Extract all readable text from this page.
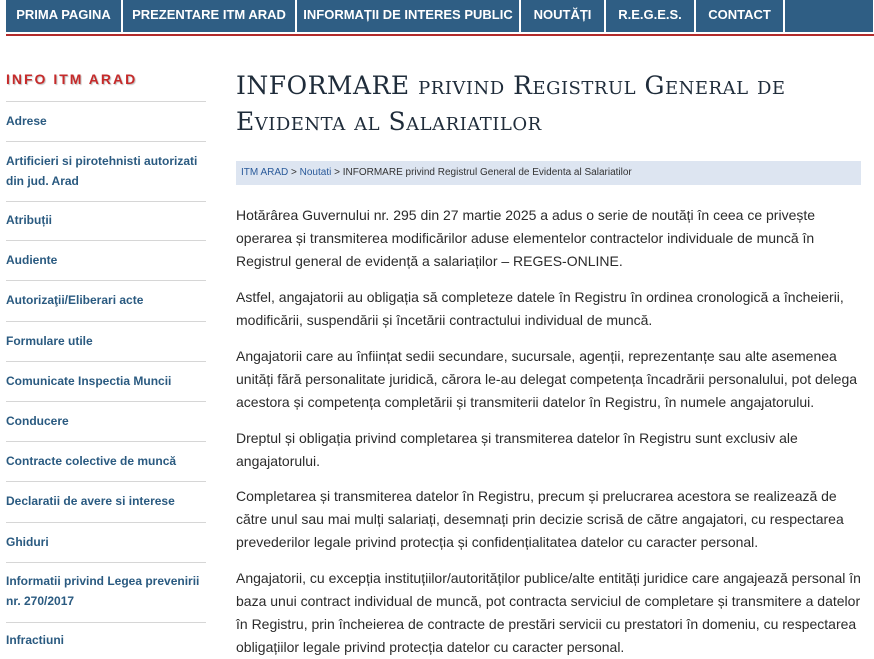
PRIMA PAGINA	PREZENTARE ITM ARAD	INFORMAȚII DE INTERES PUBLIC	NOUTĂȚI	R.E.G.E.S.	CONTACT
INFO ITM ARAD
Adrese
Artificieri si pirotehnisti autorizati din jud. Arad
Atribuții
Audiente
Autorizaţii/Eliberari acte
Formulare utile
Comunicate Inspectia Muncii
Conducere
Contracte colective de muncă
Declaratii de avere si interese
Ghiduri
Informatii privind Legea prevenirii nr. 270/2017
Infractiuni
INFORMARE privind Registrul General de Evidenta al Salariatilor
ITM ARAD > Noutati > INFORMARE privind Registrul General de Evidenta al Salariatilor
Hotărârea Guvernului nr. 295 din 27 martie 2025 a adus o serie de noutăți în ceea ce privește operarea și transmiterea modificărilor aduse elementelor contractelor individuale de muncă în Registrul general de evidență a salariaților – REGES-ONLINE.
Astfel, angajatorii au obligația să completeze datele în Registru în ordinea cronologică a încheierii, modificării, suspendării și încetării contractului individual de muncă.
Angajatorii care au înființat sedii secundare, sucursale, agenții, reprezentanțe sau alte asemenea unități fără personalitate juridică, cărora le-au delegat competența încadrării personalului, pot delega acestora și competența completării și transmiterii datelor în Registru, în numele angajatorului.
Dreptul și obligația privind completarea și transmiterea datelor în Registru sunt exclusiv ale angajatorului.
Completarea și transmiterea datelor în Registru, precum și prelucrarea acestora se realizează de către unul sau mai mulți salariați, desemnați prin decizie scrisă de către angajatori, cu respectarea prevederilor legale privind protecția și confidențialitatea datelor cu caracter personal.
Angajatorii, cu excepția instituțiilor/autorităților publice/alte entități juridice care angajează personal în baza unui contract individual de muncă, pot contracta serviciul de completare și transmitere a datelor în Registru, prin încheierea de contracte de prestări servicii cu prestatori în domeniu, cu respectarea obligațiilor legale privind protecția datelor cu caracter personal.
